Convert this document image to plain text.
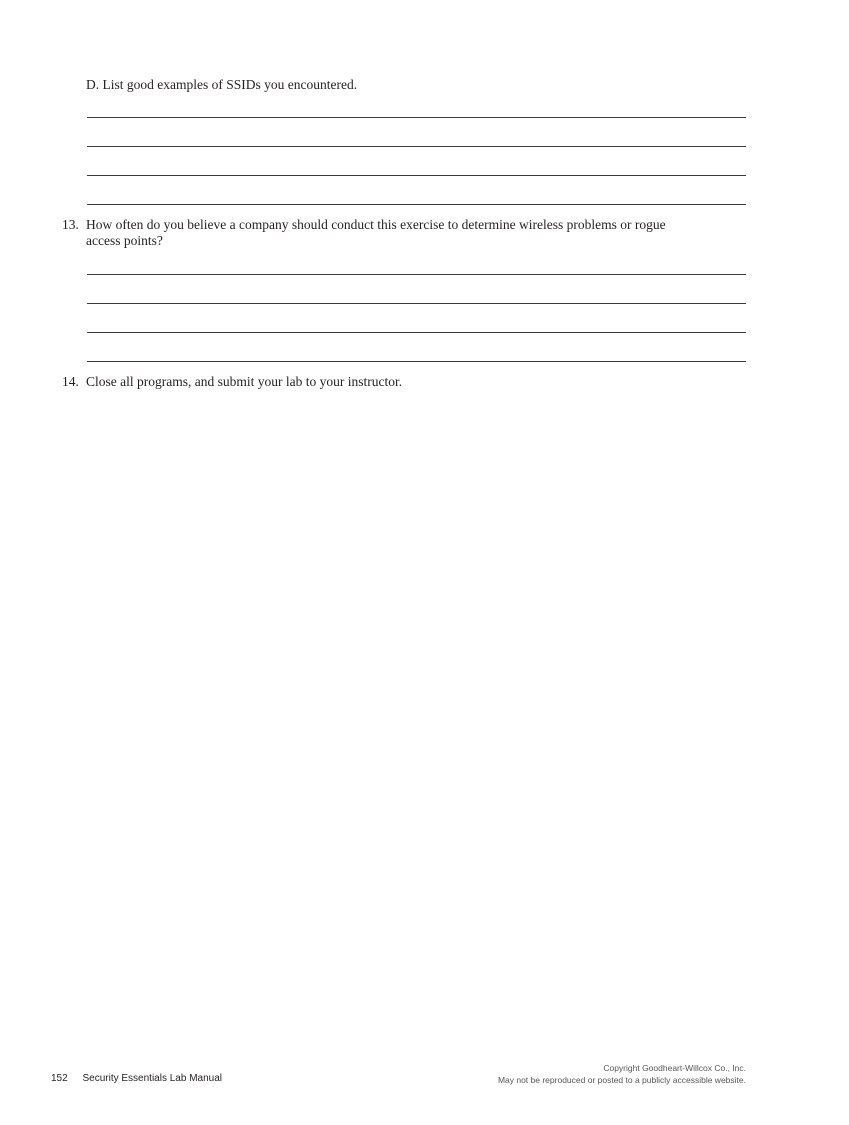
D. List good examples of SSIDs you encountered.
13. How often do you believe a company should conduct this exercise to determine wireless problems or rogue
access points?
14. Close all programs, and submit your lab to your instructor.
152 Security Essentials Lab Manual
Copyright Goodheart-Willcox Co., Inc.
May not be reproduced or posted to a publicly accessible website.
